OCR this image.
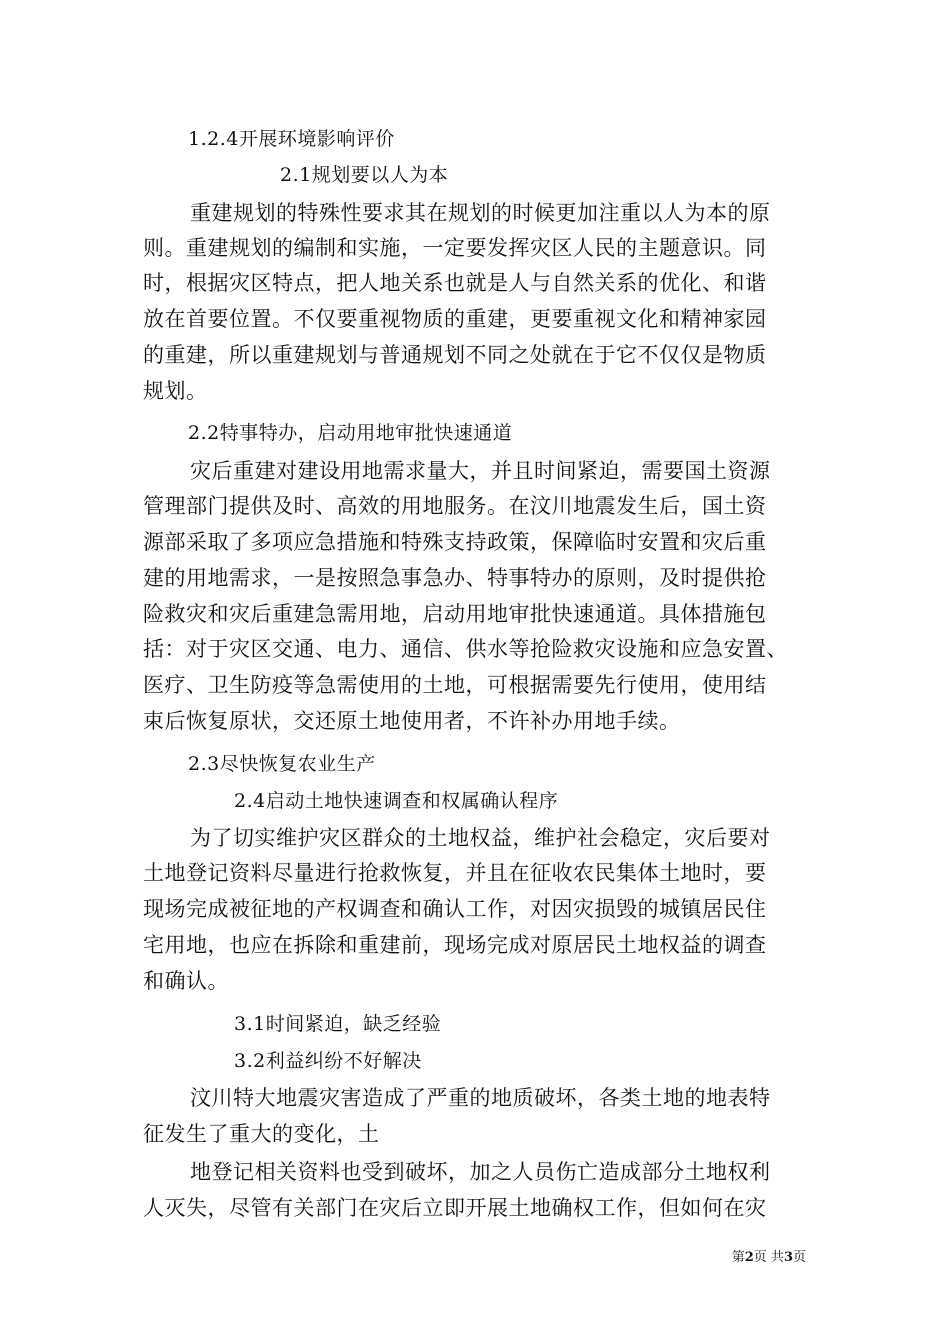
1.2.4开展环境影响评价
2.1规划要以人为本
重建规划的特殊性要求其在规划的时候更加注重以人为本的原
则。重建规划的编制和实施，一定要发挥灾区人民的主题意识。同
时，根据灾区特点，把人地关系也就是人与自然关系的优化、和谐
放在首要位置。不仅要重视物质的重建，更要重视文化和精神家园
的重建，所以重建规划与普通规划不同之处就在于它不仅仅是物质
规划。
2.2特事特办，启动用地审批快速通道
灾后重建对建设用地需求量大，并且时间紧迫，需要国土资源
管理部门提供及时、高效的用地服务。在汶川地震发生后，国土资
源部采取了多项应急措施和特殊支持政策，保障临时安置和灾后重
建的用地需求，一是按照急事急办、特事特办的原则，及时提供抢
险救灾和灾后重建急需用地，启动用地审批快速通道。具体措施包
括：对于灾区交通、电力、通信、供水等抢险救灾设施和应急安置、
医疗、卫生防疫等急需使用的土地，可根据需要先行使用，使用结
束后恢复原状，交还原土地使用者，不许补办用地手续。
2.3尽快恢复农业生产
2.4启动土地快速调查和权属确认程序
为了切实维护灾区群众的土地权益，维护社会稳定，灾后要对
土地登记资料尽量进行抢救恢复，并且在征收农民集体土地时，要
现场完成被征地的产权调查和确认工作，对因灾损毁的城镇居民住
宅用地，也应在拆除和重建前，现场完成对原居民土地权益的调查
和确认。
3.1时间紧迫，缺乏经验
3.2利益纠纷不好解决
汶川特大地震灾害造成了严重的地质破坏，各类土地的地表特
征发生了重大的变化，土
地登记相关资料也受到破坏，加之人员伤亡造成部分土地权利
人灭失，尽管有关部门在灾后立即开展土地确权工作，但如何在灾
第2页 共3页
